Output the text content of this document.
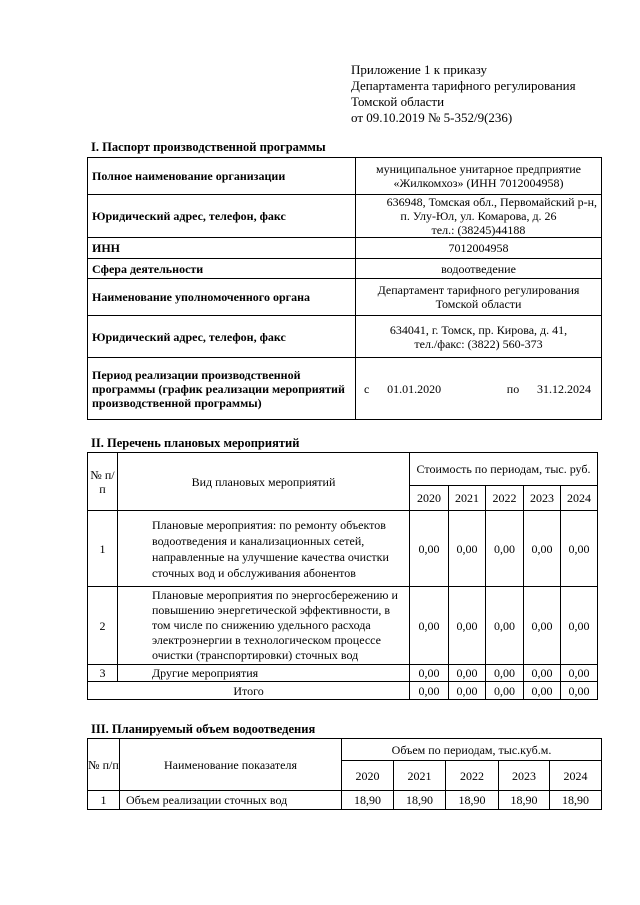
Приложение 1 к приказу
Департамента тарифного регулирования
Томской области
от 09.10.2019 № 5-352/9(236)
I. Паспорт производственной программы
Полное наименование организации	муниципальное унитарное предприятие
«Жилкомхоз» (ИНН 7012004958)

Юридический адрес, телефон, факс	636948, Томская обл., Первомайский р-н,
п. Улу-Юл, ул. Комарова, д. 26
тел.: (38245)44188

ИНН	7012004958
Сфера деятельности	водоотведение
Наименование уполномоченного органа	Департамент тарифного регулирования
Томской области

Юридический адрес, телефон, факс	634041, г. Томск, пр. Кирова, д. 41,
тел./факс: (3822) 560-373

Период реализации производственной программы (график реализации мероприятий производственной программы)	с 01.01.2020 по 31.12.2024
II. Перечень плановых мероприятий
№ п/п	Вид плановых мероприятий	Стоимость по периодам, тыс. руб.				
		2020	2021	2022	2023	2024
1	Плановые мероприятия: по ремонту объектов водоотведения и канализационных сетей, направленные на улучшение качества очистки сточных вод и обслуживания абонентов	0,00	0,00	0,00	0,00	0,00
2	Плановые мероприятия по энергосбережению и повышению энергетической эффективности, в том числе по снижению удельного расхода электроэнергии в технологическом процессе очистки (транспортировки) сточных вод	0,00	0,00	0,00	0,00	0,00
3	Другие мероприятия	0,00	0,00	0,00	0,00	0,00
Итого		0,00	0,00	0,00	0,00	0,00
III. Планируемый объем водоотведения
№ п/п	Наименование показателя	Объем по периодам, тыс.куб.м.				
		2020	2021	2022	2023	2024
1	Объем реализации сточных вод	18,90	18,90	18,90	18,90	18,90
